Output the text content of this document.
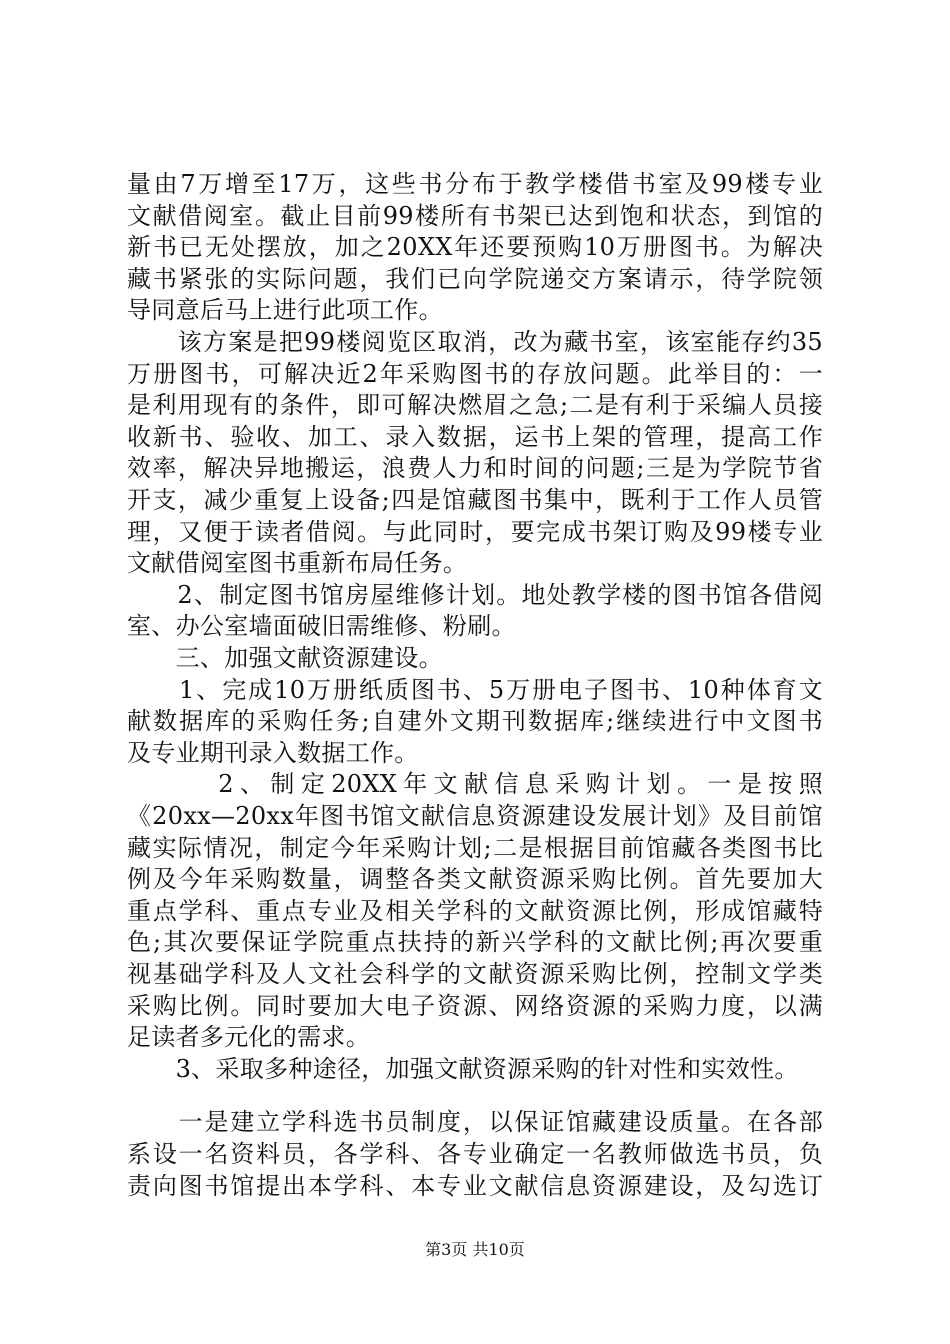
量由7万增至17万，这些书分布于教学楼借书室及99楼专业
文献借阅室。截止目前99楼所有书架已达到饱和状态，到馆的
新书已无处摆放，加之20XX年还要预购10万册图书。为解决
藏书紧张的实际问题，我们已向学院递交方案请示，待学院领
导同意后马上进行此项工作。
　　该方案是把99楼阅览区取消，改为藏书室，该室能存约35
万册图书，可解决近2年采购图书的存放问题。此举目的：一
是利用现有的条件，即可解决燃眉之急;二是有利于采编人员接
收新书、验收、加工、录入数据，运书上架的管理，提高工作
效率，解决异地搬运，浪费人力和时间的问题;三是为学院节省
开支，减少重复上设备;四是馆藏图书集中，既利于工作人员管
理，又便于读者借阅。与此同时，要完成书架订购及99楼专业
文献借阅室图书重新布局任务。
　　2、制定图书馆房屋维修计划。地处教学楼的图书馆各借阅
室、办公室墙面破旧需维修、粉刷。
　　三、加强文献资源建设。
　　1、完成10万册纸质图书、5万册电子图书、10种体育文
献数据库的采购任务;自建外文期刊数据库;继续进行中文图书
及专业期刊录入数据工作。
　　　2、制定20XX年文献信息采购计划。一是按照
《20xx—20xx年图书馆文献信息资源建设发展计划》及目前馆
藏实际情况，制定今年采购计划;二是根据目前馆藏各类图书比
例及今年采购数量，调整各类文献资源采购比例。首先要加大
重点学科、重点专业及相关学科的文献资源比例，形成馆藏特
色;其次要保证学院重点扶持的新兴学科的文献比例;再次要重
视基础学科及人文社会科学的文献资源采购比例，控制文学类
采购比例。同时要加大电子资源、网络资源的采购力度，以满
足读者多元化的需求。
　　3、采取多种途径，加强文献资源采购的针对性和实效性。
　　一是建立学科选书员制度，以保证馆藏建设质量。在各部
系设一名资料员，各学科、各专业确定一名教师做选书员，负
责向图书馆提出本学科、本专业文献信息资源建设，及勾选订
第3页 共10页
